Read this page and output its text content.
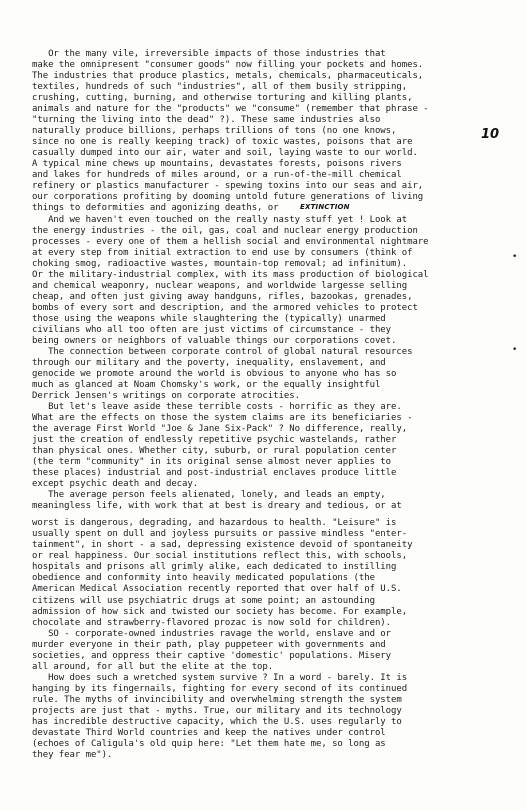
Or the many vile, irreversible impacts of those industries that
make the omnipresent "consumer goods" now filling your pockets and homes.
The industries that produce plastics, metals, chemicals, pharmaceuticals,
textiles, hundreds of such "industries", all of them busily stripping,
crushing, cutting, burning, and otherwise torturing and killing plants,
animals and nature for the "products" we "consume" (remember that phrase -
"turning the living into the dead" ?). These same industries also
naturally produce billions, perhaps trillions of tons (no one knows,
since no one is really keeping track) of toxic wastes, poisons that are
casually dumped into our air, water and soil, laying waste to our world.
A typical mine chews up mountains, devastates forests, poisons rivers
and lakes for hundreds of miles around, or a run-of-the-mill chemical
refinery or plastics manufacturer - spewing toxins into our seas and air,
our corporations profiting by dooming untold future generations of living
things to deformities and agonizing deaths, or
And we haven't even touched on the really nasty stuff yet ! Look at
the energy industries - the oil, gas, coal and nuclear energy production
processes - every one of them a hellish social and environmental nightmare
at every step from initial extraction to end use by consumers (think of
choking smog, radioactive wastes, mountain-top removal; ad infinitum).
Or the military-industrial complex, with its mass production of biological
and chemical weaponry, nuclear weapons, and worldwide largesse selling
cheap, and often just giving away handguns, rifles, bazookas, grenades,
bombs of every sort and description, and the armored vehicles to protect
those using the weapons while slaughtering the (typically) unarmed
civilians who all too often are just victims of circumstance - they
being owners or neighbors of valuable things our corporations covet.
The connection between corporate control of global natural resources
through our military and the poverty, inequality, enslavement, and
genocide we promote around the world is obvious to anyone who has so
much as glanced at Noam Chomsky's work, or the equally insightful
Derrick Jensen's writings on corporate atrocities.
But let's leave aside these terrible costs - horrific as they are.
What are the effects on those the system claims are its beneficiaries -
the average First World "Joe & Jane Six-Pack" ? No difference, really,
just the creation of endlessly repetitive psychic wastelands, rather
than physical ones. Whether city, suburb, or rural population center
(the term "community" in its original sense almost never applies to
these places) industrial and post-industrial enclaves produce little
except psychic death and decay.
The average person feels alienated, lonely, and leads an empty,
meaningless life, with work that at best is dreary and tedious, or at
worst is dangerous, degrading, and hazardous to health. "Leisure" is
usually spent on dull and joyless pursuits or passive mindless "enter-
tainment", in short - a sad, depressing existence devoid of spontaneity
or real happiness. Our social institutions reflect this, with schools,
hospitals and prisons all grimly alike, each dedicated to instilling
obedience and conformity into heavily medicated populations (the
American Medical Association recently reported that over half of U.S.
citizens will use psychiatric drugs at some point; an astounding
admission of how sick and twisted our society has become. For example,
chocolate and strawberry-flavored prozac is now sold for children).
SO - corporate-owned industries ravage the world, enslave and or
murder everyone in their path, play puppeteer with governments and
societies, and oppress their captive 'domestic' populations. Misery
all around, for all but the elite at the top.
How does such a wretched system survive ? In a word - barely. It is
hanging by its fingernails, fighting for every second of its continued
rule. The myths of invincibility and overwhelming strength the system
projects are just that - myths. True, our military and its technology
has incredible destructive capacity, which the U.S. uses regularly to
devastate Third World countries and keep the natives under control
(echoes of Caligula's old quip here: "Let them hate me, so long as
they fear me").
10
EXTINCTION
•
•
